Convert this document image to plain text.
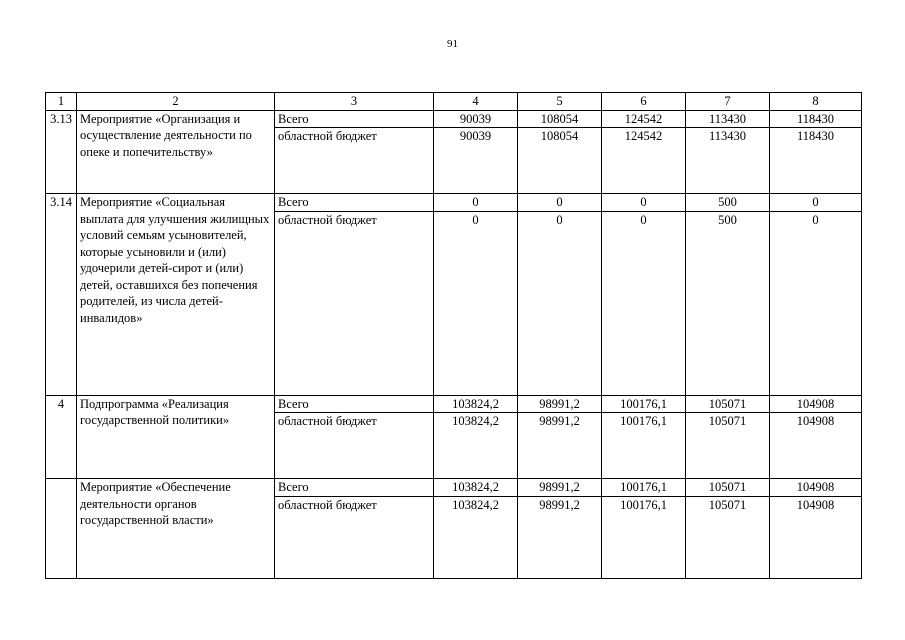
91
1	2	3	4	5	6	7	8
3.13	Мероприятие «Организация и осуществление деятельности по опеке и попечительству»	Всего	90039	108054	124542	113430	118430
		областной бюджет	90039	108054	124542	113430	118430
3.14	Мероприятие «Социальная выплата для улучшения жилищных условий семьям усыновителей, которые усыновили и (или) удочерили детей-сирот и (или) детей, оставшихся без попечения родителей, из числа детей-инвалидов»	Всего	0	0	0	500	0
		областной бюджет	0	0	0	500	0
4	Подпрограмма «Реализация государственной политики»	Всего	103824,2	98991,2	100176,1	105071	104908
		областной бюджет	103824,2	98991,2	100176,1	105071	104908
	Мероприятие «Обеспечение деятельности органов государственной власти»	Всего	103824,2	98991,2	100176,1	105071	104908
		областной бюджет	103824,2	98991,2	100176,1	105071	104908
